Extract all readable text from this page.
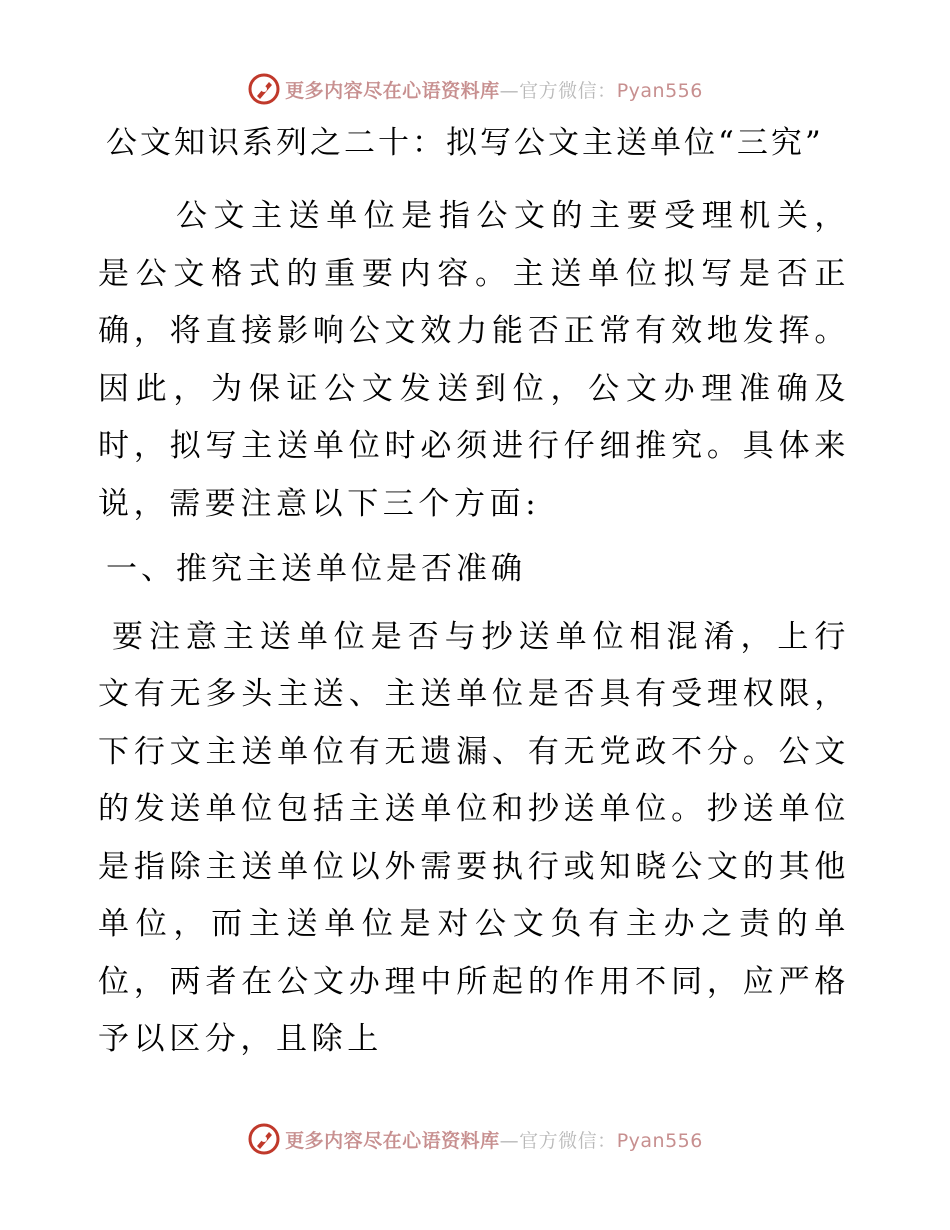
更多内容尽在心语资料库—官方微信：Pyan556
公文知识系列之二十：拟写公文主送单位“三究”

公文主送单位是指公文的主要受理机关，是公文格式的重要内容。主送单位拟写是否正确，将直接影响公文效力能否正常有效地发挥。因此，为保证公文发送到位，公文办理准确及时，拟写主送单位时必须进行仔细推究。具体来说，需要注意以下三个方面:

一、推究主送单位是否准确

要注意主送单位是否与抄送单位相混淆，上行文有无多头主送、主送单位是否具有受理权限，下行文主送单位有无遗漏、有无党政不分。公文的发送单位包括主送单位和抄送单位。抄送单位是指除主送单位以外需要执行或知晓公文的其他单位，而主送单位是对公文负有主办之责的单位，两者在公文办理中所起的作用不同，应严格予以区分，且除上

更多内容尽在心语资料库—官方微信：Pyan556
